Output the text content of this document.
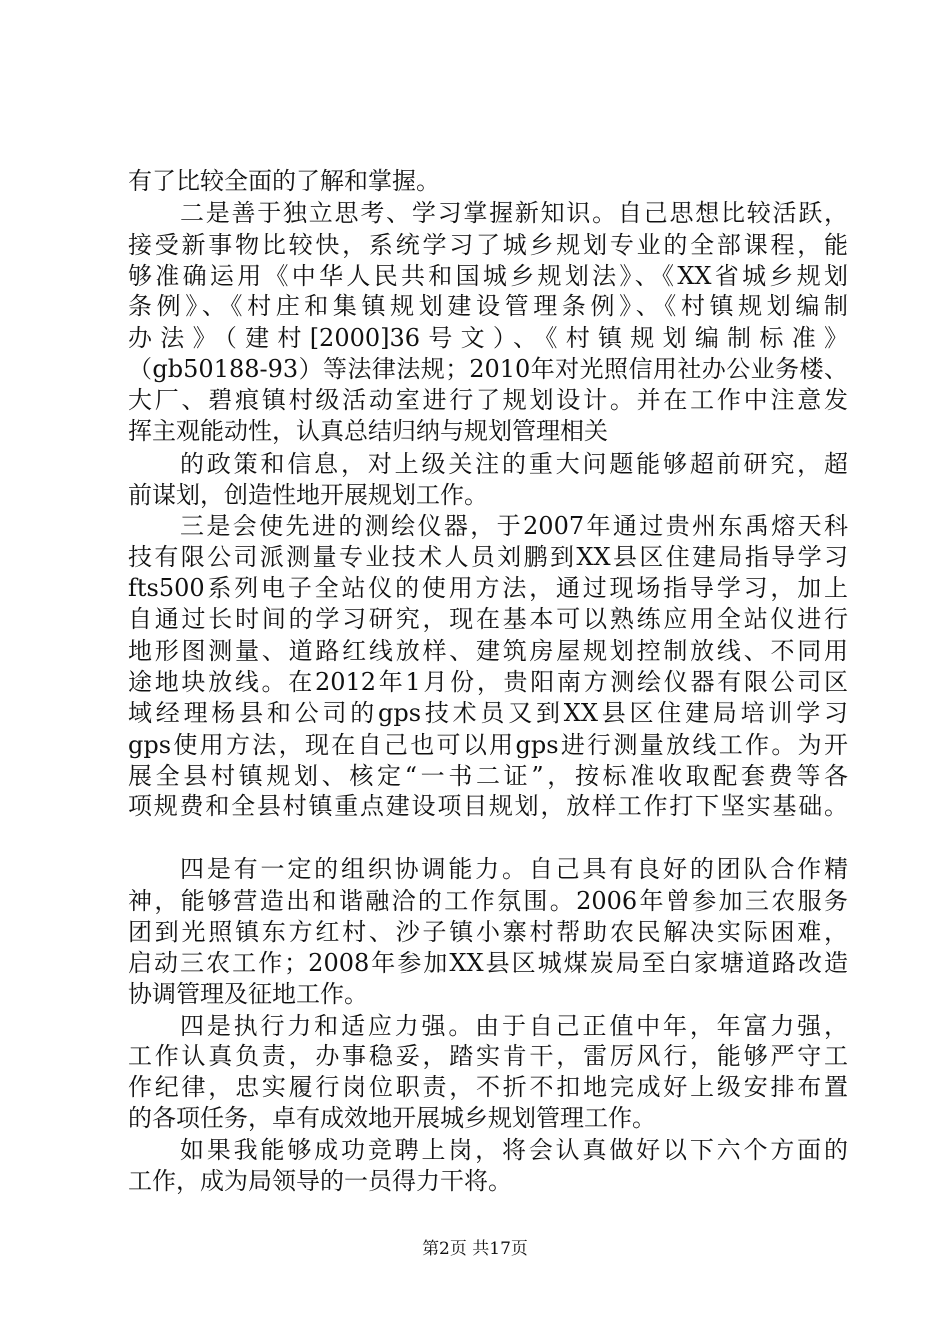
有了比较全面的了解和掌握。
二是善于独立思考、学习掌握新知识。自己思想比较活跃，
接受新事物比较快，系统学习了城乡规划专业的全部课程，能
够准确运用《中华人民共和国城乡规划法》、《XX省城乡规划
条例》、《村庄和集镇规划建设管理条例》、《村镇规划编制
办法》（建村[2000]36号文）、《村镇规划编制标准》
（gb50188-93）等法律法规；2010年对光照信用社办公业务楼、
大厂、碧痕镇村级活动室进行了规划设计。并在工作中注意发
挥主观能动性，认真总结归纳与规划管理相关
的政策和信息，对上级关注的重大问题能够超前研究，超
前谋划，创造性地开展规划工作。
三是会使先进的测绘仪器，于2007年通过贵州东禹熔天科
技有限公司派测量专业技术人员刘鹏到XX县区住建局指导学习
fts500系列电子全站仪的使用方法，通过现场指导学习，加上
自通过长时间的学习研究，现在基本可以熟练应用全站仪进行
地形图测量、道路红线放样、建筑房屋规划控制放线、不同用
途地块放线。在2012年1月份，贵阳南方测绘仪器有限公司区
域经理杨县和公司的gps技术员又到XX县区住建局培训学习
gps使用方法，现在自己也可以用gps进行测量放线工作。为开
展全县村镇规划、核定“一书二证”，按标准收取配套费等各
项规费和全县村镇重点建设项目规划，放样工作打下坚实基础。
四是有一定的组织协调能力。自己具有良好的团队合作精
神，能够营造出和谐融洽的工作氛围。2006年曾参加三农服务
团到光照镇东方红村、沙子镇小寨村帮助农民解决实际困难，
启动三农工作；2008年参加XX县区城煤炭局至白家塘道路改造
协调管理及征地工作。
四是执行力和适应力强。由于自己正值中年，年富力强，
工作认真负责，办事稳妥，踏实肯干，雷厉风行，能够严守工
作纪律，忠实履行岗位职责，不折不扣地完成好上级安排布置
的各项任务，卓有成效地开展城乡规划管理工作。
如果我能够成功竞聘上岗，将会认真做好以下六个方面的
工作，成为局领导的一员得力干将。
第2页 共17页
